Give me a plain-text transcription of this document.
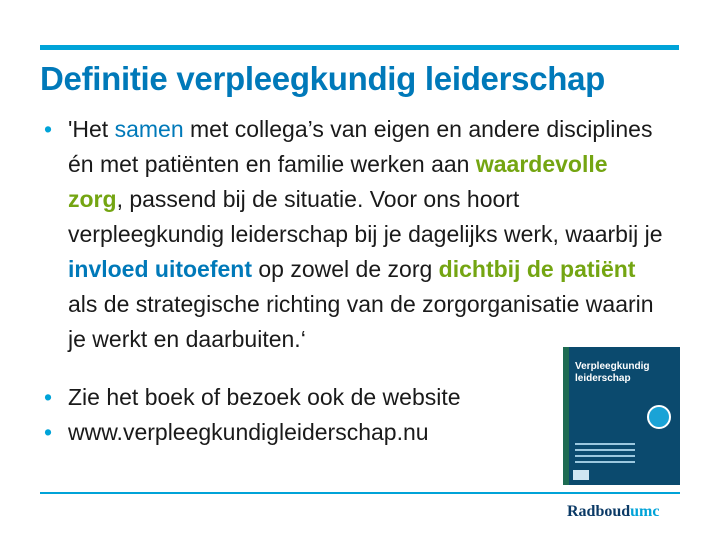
Definitie verpleegkundig leiderschap
• 'Het samen met collega’s van eigen en andere disciplines én met patiënten en familie werken aan waardevolle zorg, passend bij de situatie. Voor ons hoort verpleegkundig leiderschap bij je dagelijks werk, waarbij je invloed uitoefent op zowel de zorg dichtbij de patiënt als de strategische richting van de zorgorganisatie waarin je werkt en daarbuiten.‘
• Zie het boek of bezoek ook de website
• www.verpleegkundigleiderschap.nu
Verpleegkundig leiderschap
Radboudumc
